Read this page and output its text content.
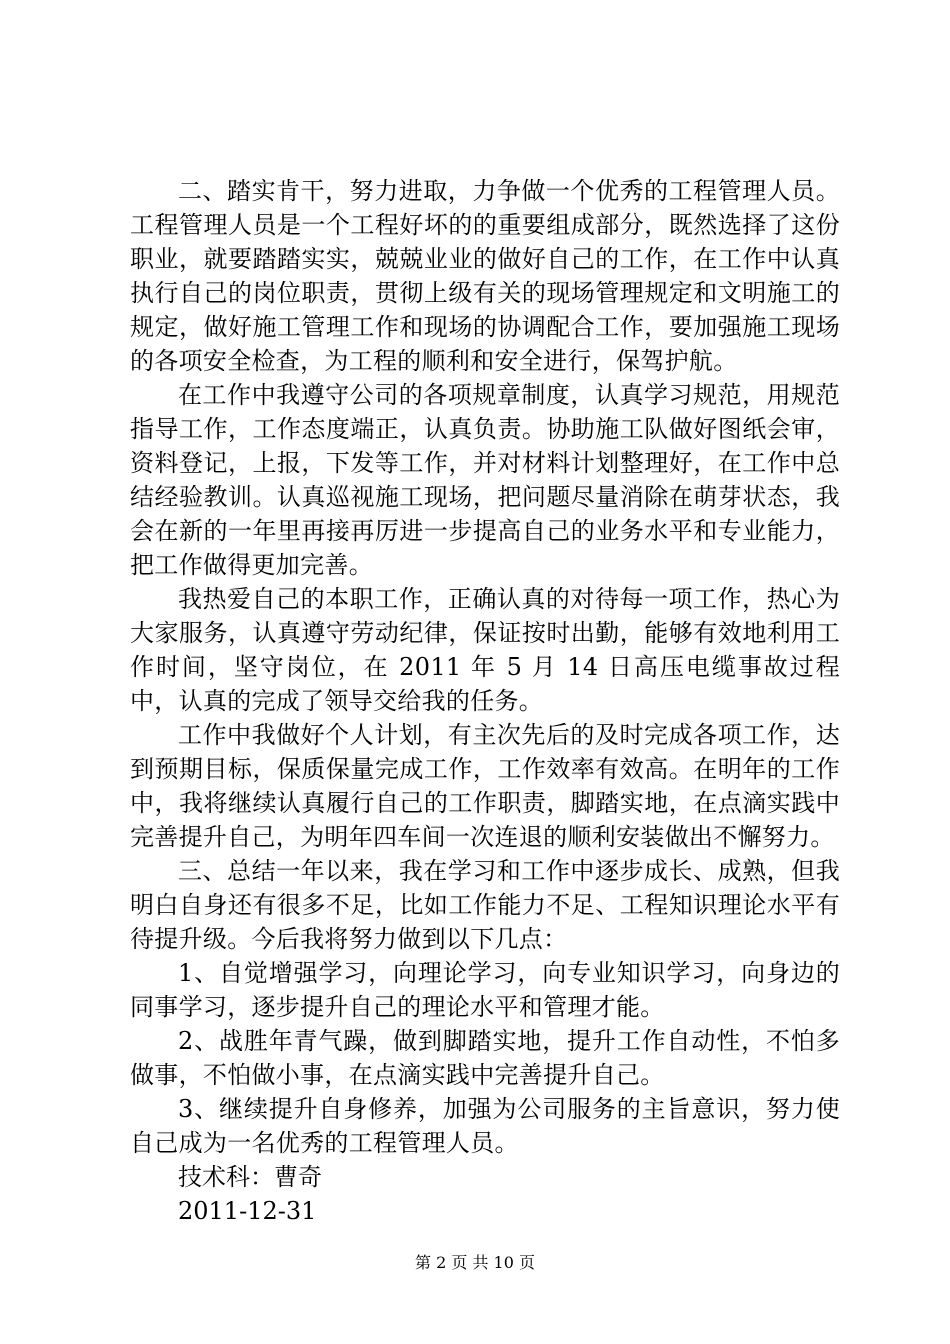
二、踏实肯干，努力进取，力争做一个优秀的工程管理人员。工程管理人员是一个工程好坏的的重要组成部分，既然选择了这份职业，就要踏踏实实，兢兢业业的做好自己的工作，在工作中认真执行自己的岗位职责，贯彻上级有关的现场管理规定和文明施工的规定，做好施工管理工作和现场的协调配合工作，要加强施工现场的各项安全检查，为工程的顺利和安全进行，保驾护航。

在工作中我遵守公司的各项规章制度，认真学习规范，用规范指导工作，工作态度端正，认真负责。协助施工队做好图纸会审，资料登记，上报，下发等工作，并对材料计划整理好，在工作中总结经验教训。认真巡视施工现场，把问题尽量消除在萌芽状态，我会在新的一年里再接再厉进一步提高自己的业务水平和专业能力，把工作做得更加完善。

我热爱自己的本职工作，正确认真的对待每一项工作，热心为大家服务，认真遵守劳动纪律，保证按时出勤，能够有效地利用工作时间，坚守岗位，在 2011 年 5 月 14 日高压电缆事故过程中，认真的完成了领导交给我的任务。

工作中我做好个人计划，有主次先后的及时完成各项工作，达到预期目标，保质保量完成工作，工作效率有效高。在明年的工作中，我将继续认真履行自己的工作职责，脚踏实地，在点滴实践中完善提升自己，为明年四车间一次连退的顺利安装做出不懈努力。

三、总结一年以来，我在学习和工作中逐步成长、成熟，但我明白自身还有很多不足，比如工作能力不足、工程知识理论水平有待提升级。今后我将努力做到以下几点：

1、自觉增强学习，向理论学习，向专业知识学习，向身边的同事学习，逐步提升自己的理论水平和管理才能。

2、战胜年青气躁，做到脚踏实地，提升工作自动性，不怕多做事，不怕做小事，在点滴实践中完善提升自己。

3、继续提升自身修养，加强为公司服务的主旨意识，努力使自己成为一名优秀的工程管理人员。

技术科：曹奇

2011-12-31

第 2 页 共 10 页
